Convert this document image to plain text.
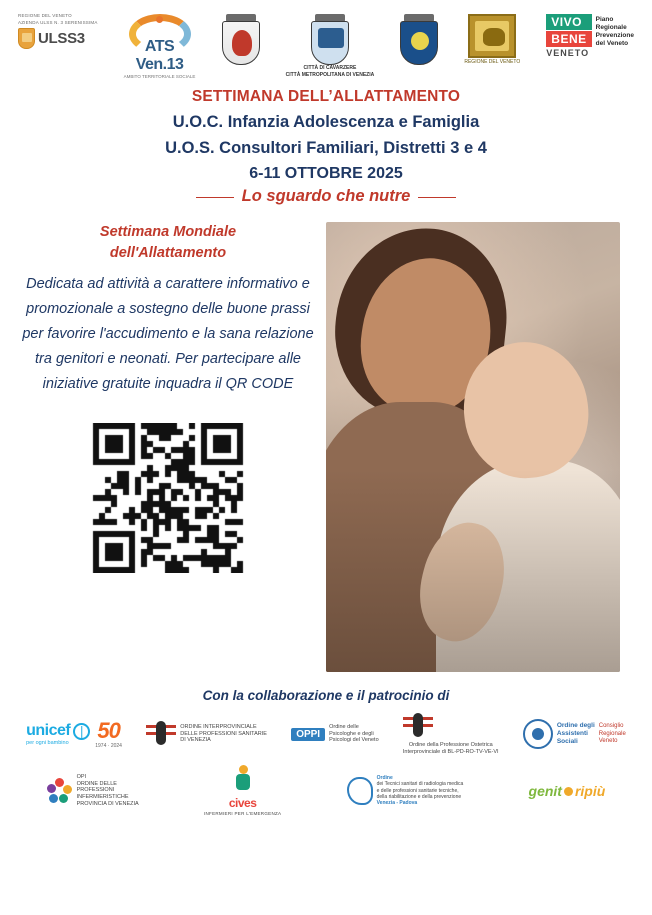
REGIONE DEL VENETO
AZIENDA ULSS N. 3 SERENISSIMA
ULSS3	ATS
Ven.13
AMBITO TERRITORIALE SOCIALE
CITTÀ DI CAVARZERE
CITTÀ METROPOLITANA DI VENEZIA
REGIONE DEL VENETO
VIVO
BENE
VENETO
Piano
Regionale
Prevenzione
del Veneto
SETTIMANA DELL’ALLATTAMENTO
U.O.C. Infanzia Adolescenza e Famiglia
U.O.S. Consultori Familiari, Distretti 3 e 4
6-11 OTTOBRE 2025
Lo sguardo che nutre
Settimana Mondiale
dell'Allattamento
Dedicata ad attività a carattere informativo e promozionale a sostegno delle buone prassi per favorire l'accudimento e la sana relazione tra genitori e neonati. Per partecipare alle iniziative gratuite inquadra il QR CODE
Con la collaborazione e il patrocinio di
unicef
per ogni bambino	50
1974 · 2024
ORDINE INTERPROVINCIALE
DELLE PROFESSIONI SANITARIE
DI VENEZIA
OPPI
Ordine delle
Psicologhe e degli
Psicologi del Veneto
Ordine della Professione Ostetrica
Interprovinciale di BL-PD-RO-TV-VE-VI
Ordine degli
Assistenti
Sociali
Consiglio
Regionale
Veneto
OPI
ORDINE DELLE
PROFESSIONI
INFERMIERISTICHE
PROVINCIA DI VENEZIA	cives
INFERMIERI PER L'EMERGENZA
Ordine
dei Tecnici sanitari di radiologia medica
e delle professioni sanitarie tecniche,
della riabilitazione e della prevenzione
Venezia - Padova
genit ripiù
